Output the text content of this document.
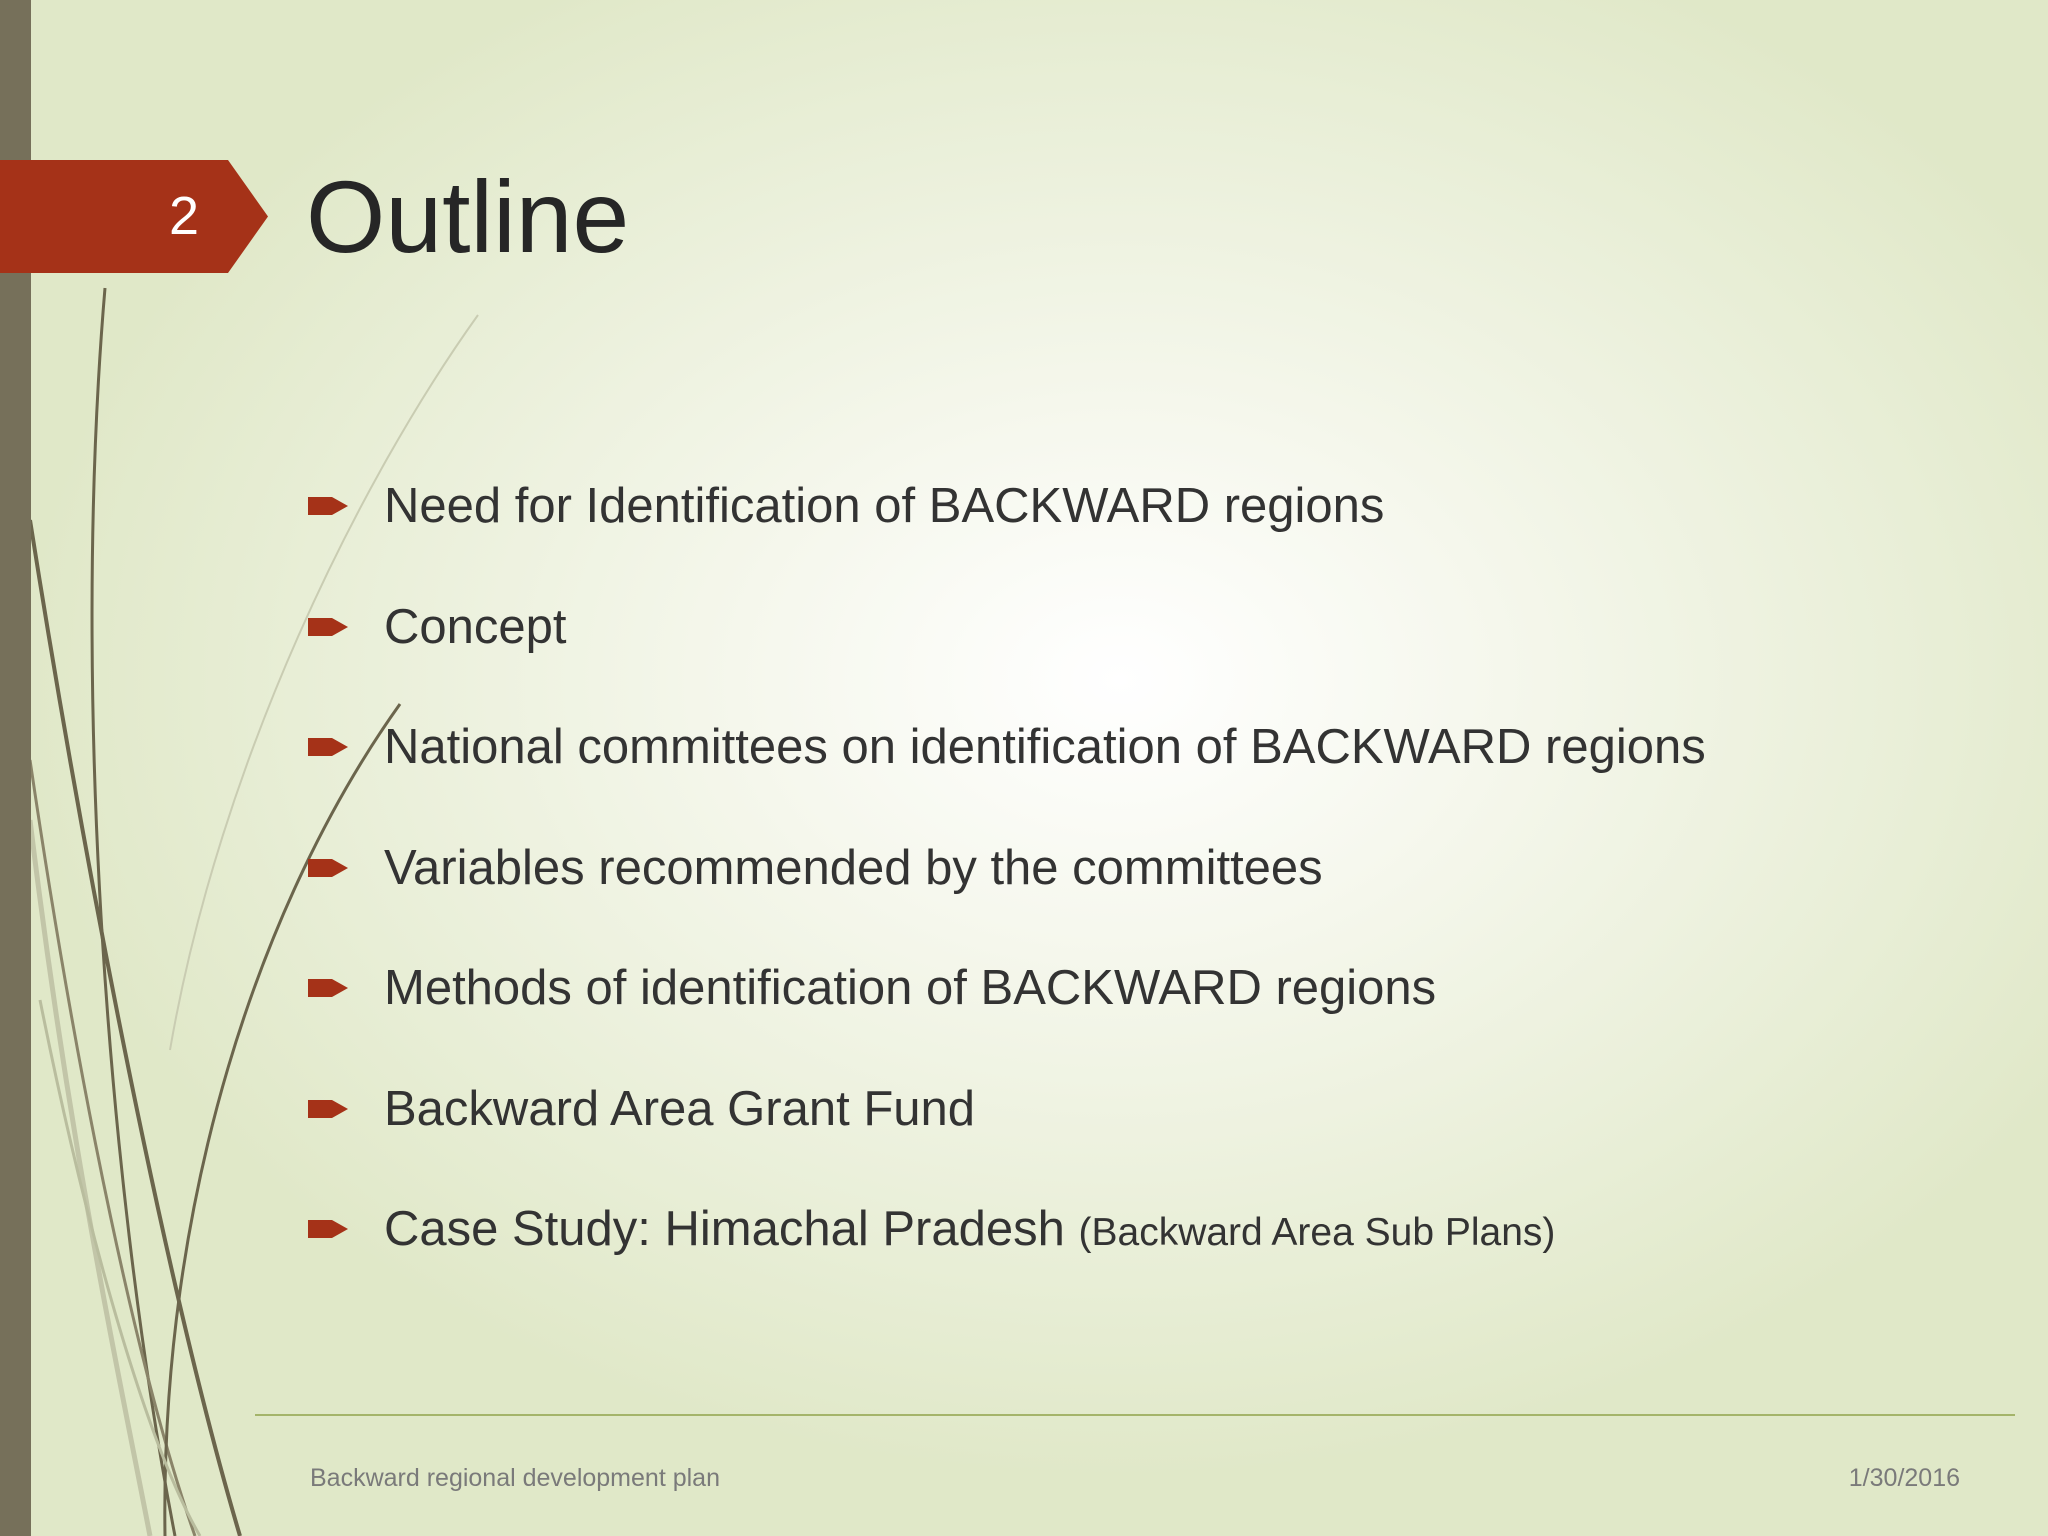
2 Outline
Need for Identification of BACKWARD regions
Concept
National committees on identification of BACKWARD regions
Variables recommended by the committees
Methods of identification of BACKWARD regions
Backward Area Grant Fund
Case Study: Himachal Pradesh (Backward Area Sub Plans)
Backward regional development plan	1/30/2016
